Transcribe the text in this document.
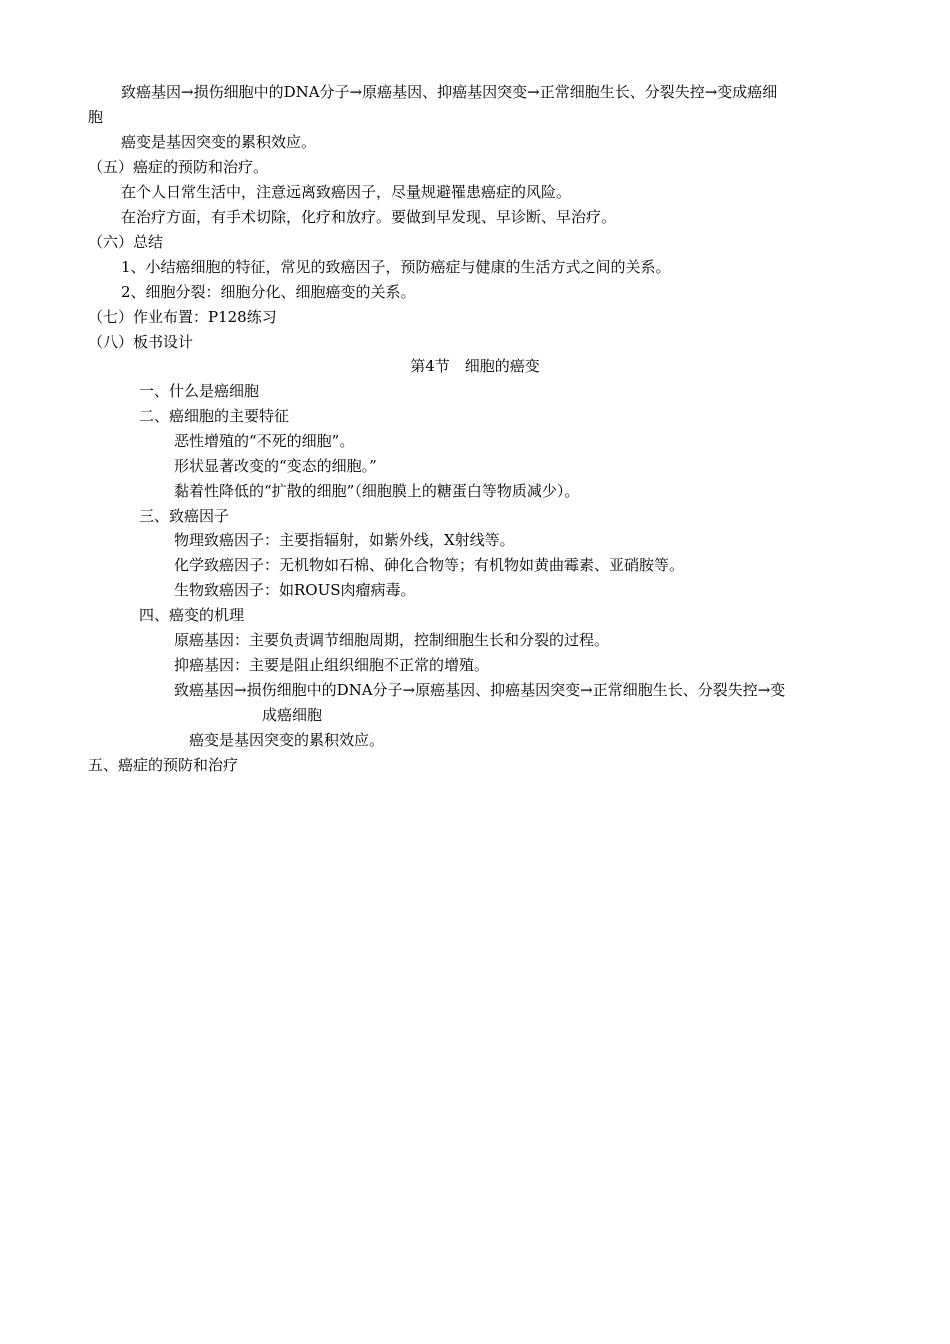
致癌基因→损伤细胞中的DNA分子→原癌基因、抑癌基因突变→正常细胞生长、分裂失控→变成癌细
胞
癌变是基因突变的累积效应。
（五）癌症的预防和治疗。
在个人日常生活中，注意远离致癌因子，尽量规避罹患癌症的风险。
在治疗方面，有手术切除，化疗和放疗。要做到早发现、早诊断、早治疗。
（六）总结
1、小结癌细胞的特征，常见的致癌因子，预防癌症与健康的生活方式之间的关系。
2、细胞分裂：细胞分化、细胞癌变的关系。
（七）作业布置：P128练习
（八）板书设计
第4节　细胞的癌变
一、什么是癌细胞
二、癌细胞的主要特征
恶性增殖的“不死的细胞”。
形状显著改变的“变态的细胞。”
黏着性降低的“扩散的细胞”（细胞膜上的糖蛋白等物质减少）。
三、致癌因子
物理致癌因子：主要指辐射，如紫外线，X射线等。
化学致癌因子：无机物如石棉、砷化合物等；有机物如黄曲霉素、亚硝胺等。
生物致癌因子：如ROUS肉瘤病毒。
四、癌变的机理
原癌基因：主要负责调节细胞周期，控制细胞生长和分裂的过程。
抑癌基因：主要是阻止组织细胞不正常的增殖。
致癌基因→损伤细胞中的DNA分子→原癌基因、抑癌基因突变→正常细胞生长、分裂失控→变
成癌细胞
癌变是基因突变的累积效应。
五、癌症的预防和治疗
